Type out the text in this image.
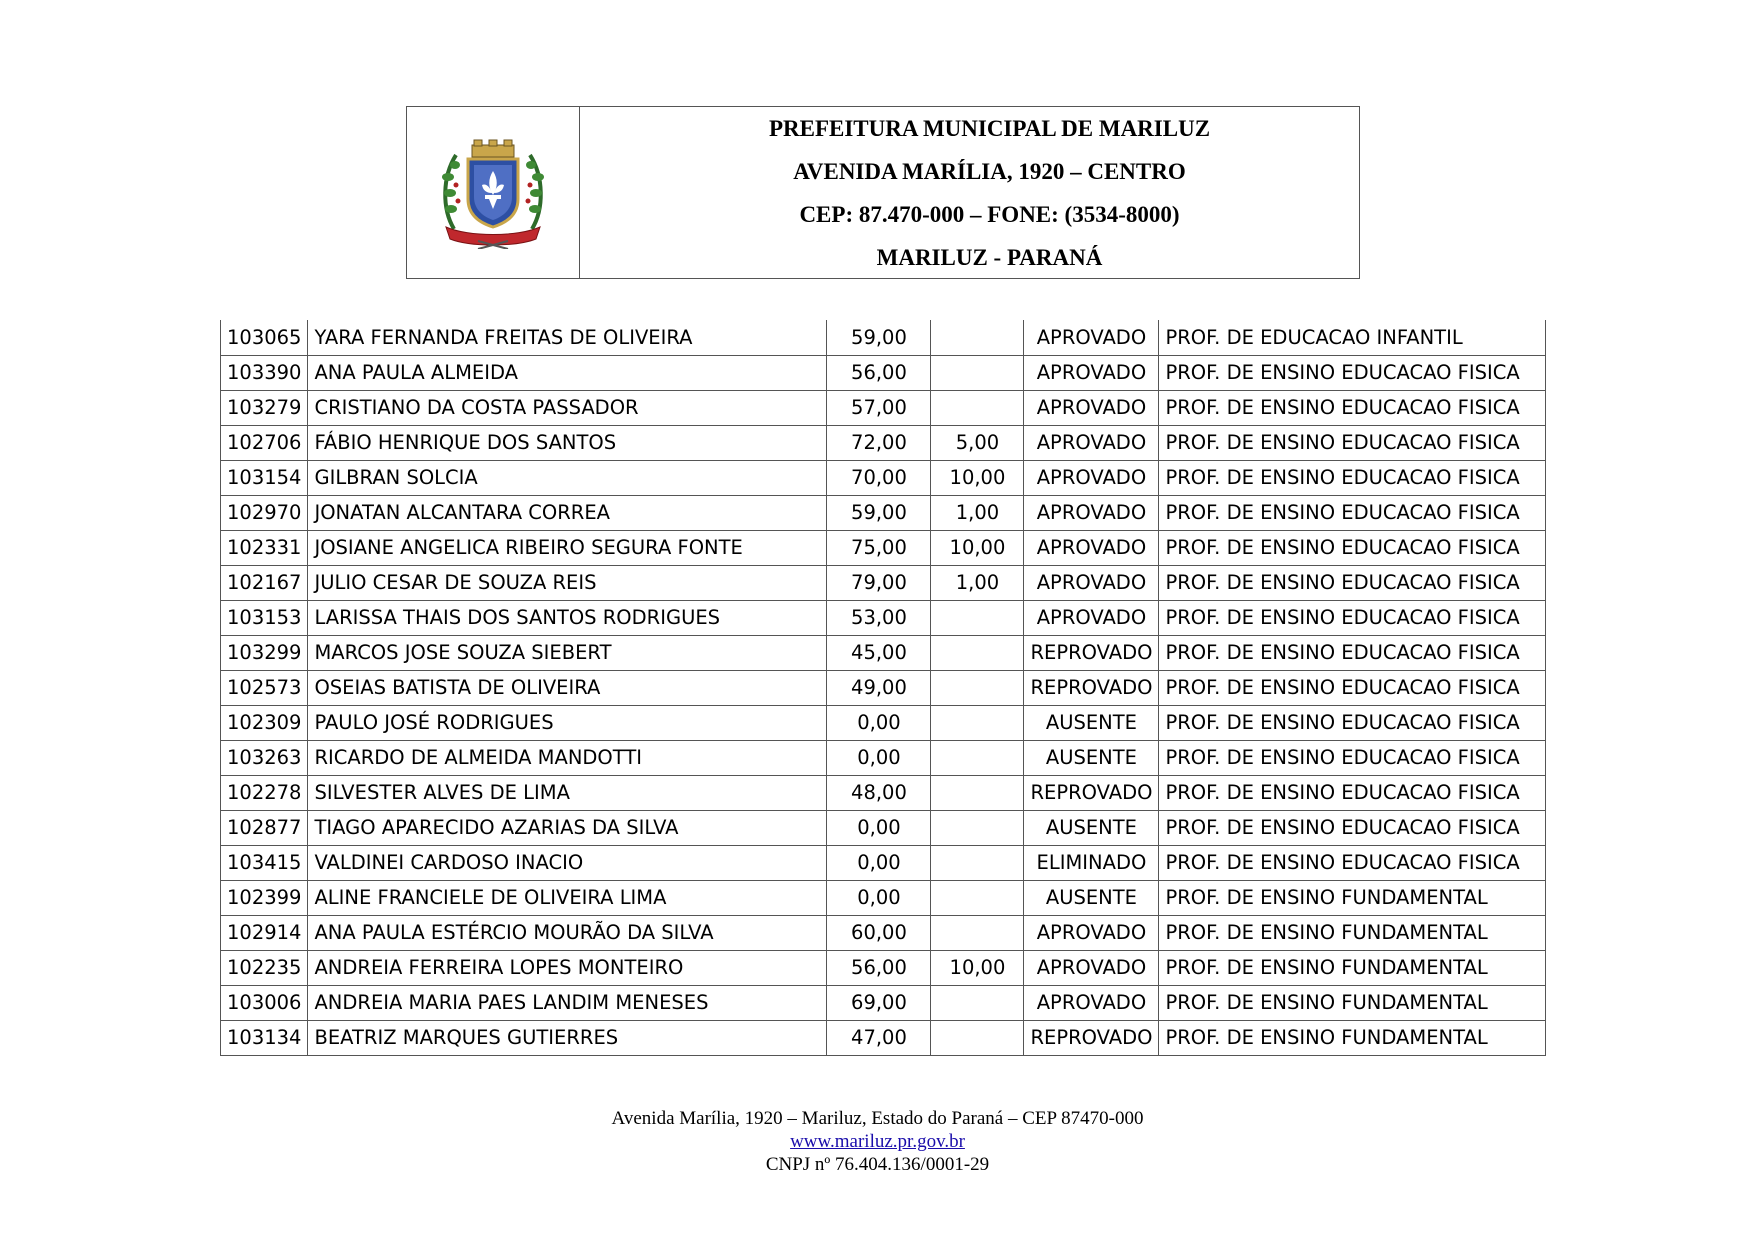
PREFEITURA MUNICIPAL DE MARILUZ
AVENIDA MARÍLIA, 1920 – CENTRO
CEP: 87.470-000 – FONE: (3534-8000)
MARILUZ - PARANÁ
103065	YARA FERNANDA FREITAS DE OLIVEIRA	59,00		APROVADO	PROF. DE EDUCACAO INFANTIL
103390	ANA PAULA ALMEIDA	56,00		APROVADO	PROF. DE ENSINO EDUCACAO FISICA
103279	CRISTIANO DA COSTA PASSADOR	57,00		APROVADO	PROF. DE ENSINO EDUCACAO FISICA
102706	FÁBIO HENRIQUE DOS SANTOS	72,00	5,00	APROVADO	PROF. DE ENSINO EDUCACAO FISICA
103154	GILBRAN SOLCIA	70,00	10,00	APROVADO	PROF. DE ENSINO EDUCACAO FISICA
102970	JONATAN ALCANTARA CORREA	59,00	1,00	APROVADO	PROF. DE ENSINO EDUCACAO FISICA
102331	JOSIANE ANGELICA RIBEIRO SEGURA FONTE	75,00	10,00	APROVADO	PROF. DE ENSINO EDUCACAO FISICA
102167	JULIO CESAR DE SOUZA REIS	79,00	1,00	APROVADO	PROF. DE ENSINO EDUCACAO FISICA
103153	LARISSA THAIS DOS SANTOS RODRIGUES	53,00		APROVADO	PROF. DE ENSINO EDUCACAO FISICA
103299	MARCOS JOSE SOUZA SIEBERT	45,00		REPROVADO	PROF. DE ENSINO EDUCACAO FISICA
102573	OSEIAS BATISTA DE OLIVEIRA	49,00		REPROVADO	PROF. DE ENSINO EDUCACAO FISICA
102309	PAULO JOSÉ RODRIGUES	0,00		AUSENTE	PROF. DE ENSINO EDUCACAO FISICA
103263	RICARDO DE ALMEIDA MANDOTTI	0,00		AUSENTE	PROF. DE ENSINO EDUCACAO FISICA
102278	SILVESTER ALVES DE LIMA	48,00		REPROVADO	PROF. DE ENSINO EDUCACAO FISICA
102877	TIAGO APARECIDO AZARIAS DA SILVA	0,00		AUSENTE	PROF. DE ENSINO EDUCACAO FISICA
103415	VALDINEI CARDOSO INACIO	0,00		ELIMINADO	PROF. DE ENSINO EDUCACAO FISICA
102399	ALINE FRANCIELE DE OLIVEIRA LIMA	0,00		AUSENTE	PROF. DE ENSINO FUNDAMENTAL
102914	ANA PAULA ESTÉRCIO MOURÃO DA SILVA	60,00		APROVADO	PROF. DE ENSINO FUNDAMENTAL
102235	ANDREIA FERREIRA LOPES MONTEIRO	56,00	10,00	APROVADO	PROF. DE ENSINO FUNDAMENTAL
103006	ANDREIA MARIA PAES LANDIM MENESES	69,00		APROVADO	PROF. DE ENSINO FUNDAMENTAL
103134	BEATRIZ MARQUES GUTIERRES	47,00		REPROVADO	PROF. DE ENSINO FUNDAMENTAL
Avenida Marília, 1920 – Mariluz, Estado do Paraná – CEP 87470-000
www.mariluz.pr.gov.br
CNPJ nº 76.404.136/0001-29
